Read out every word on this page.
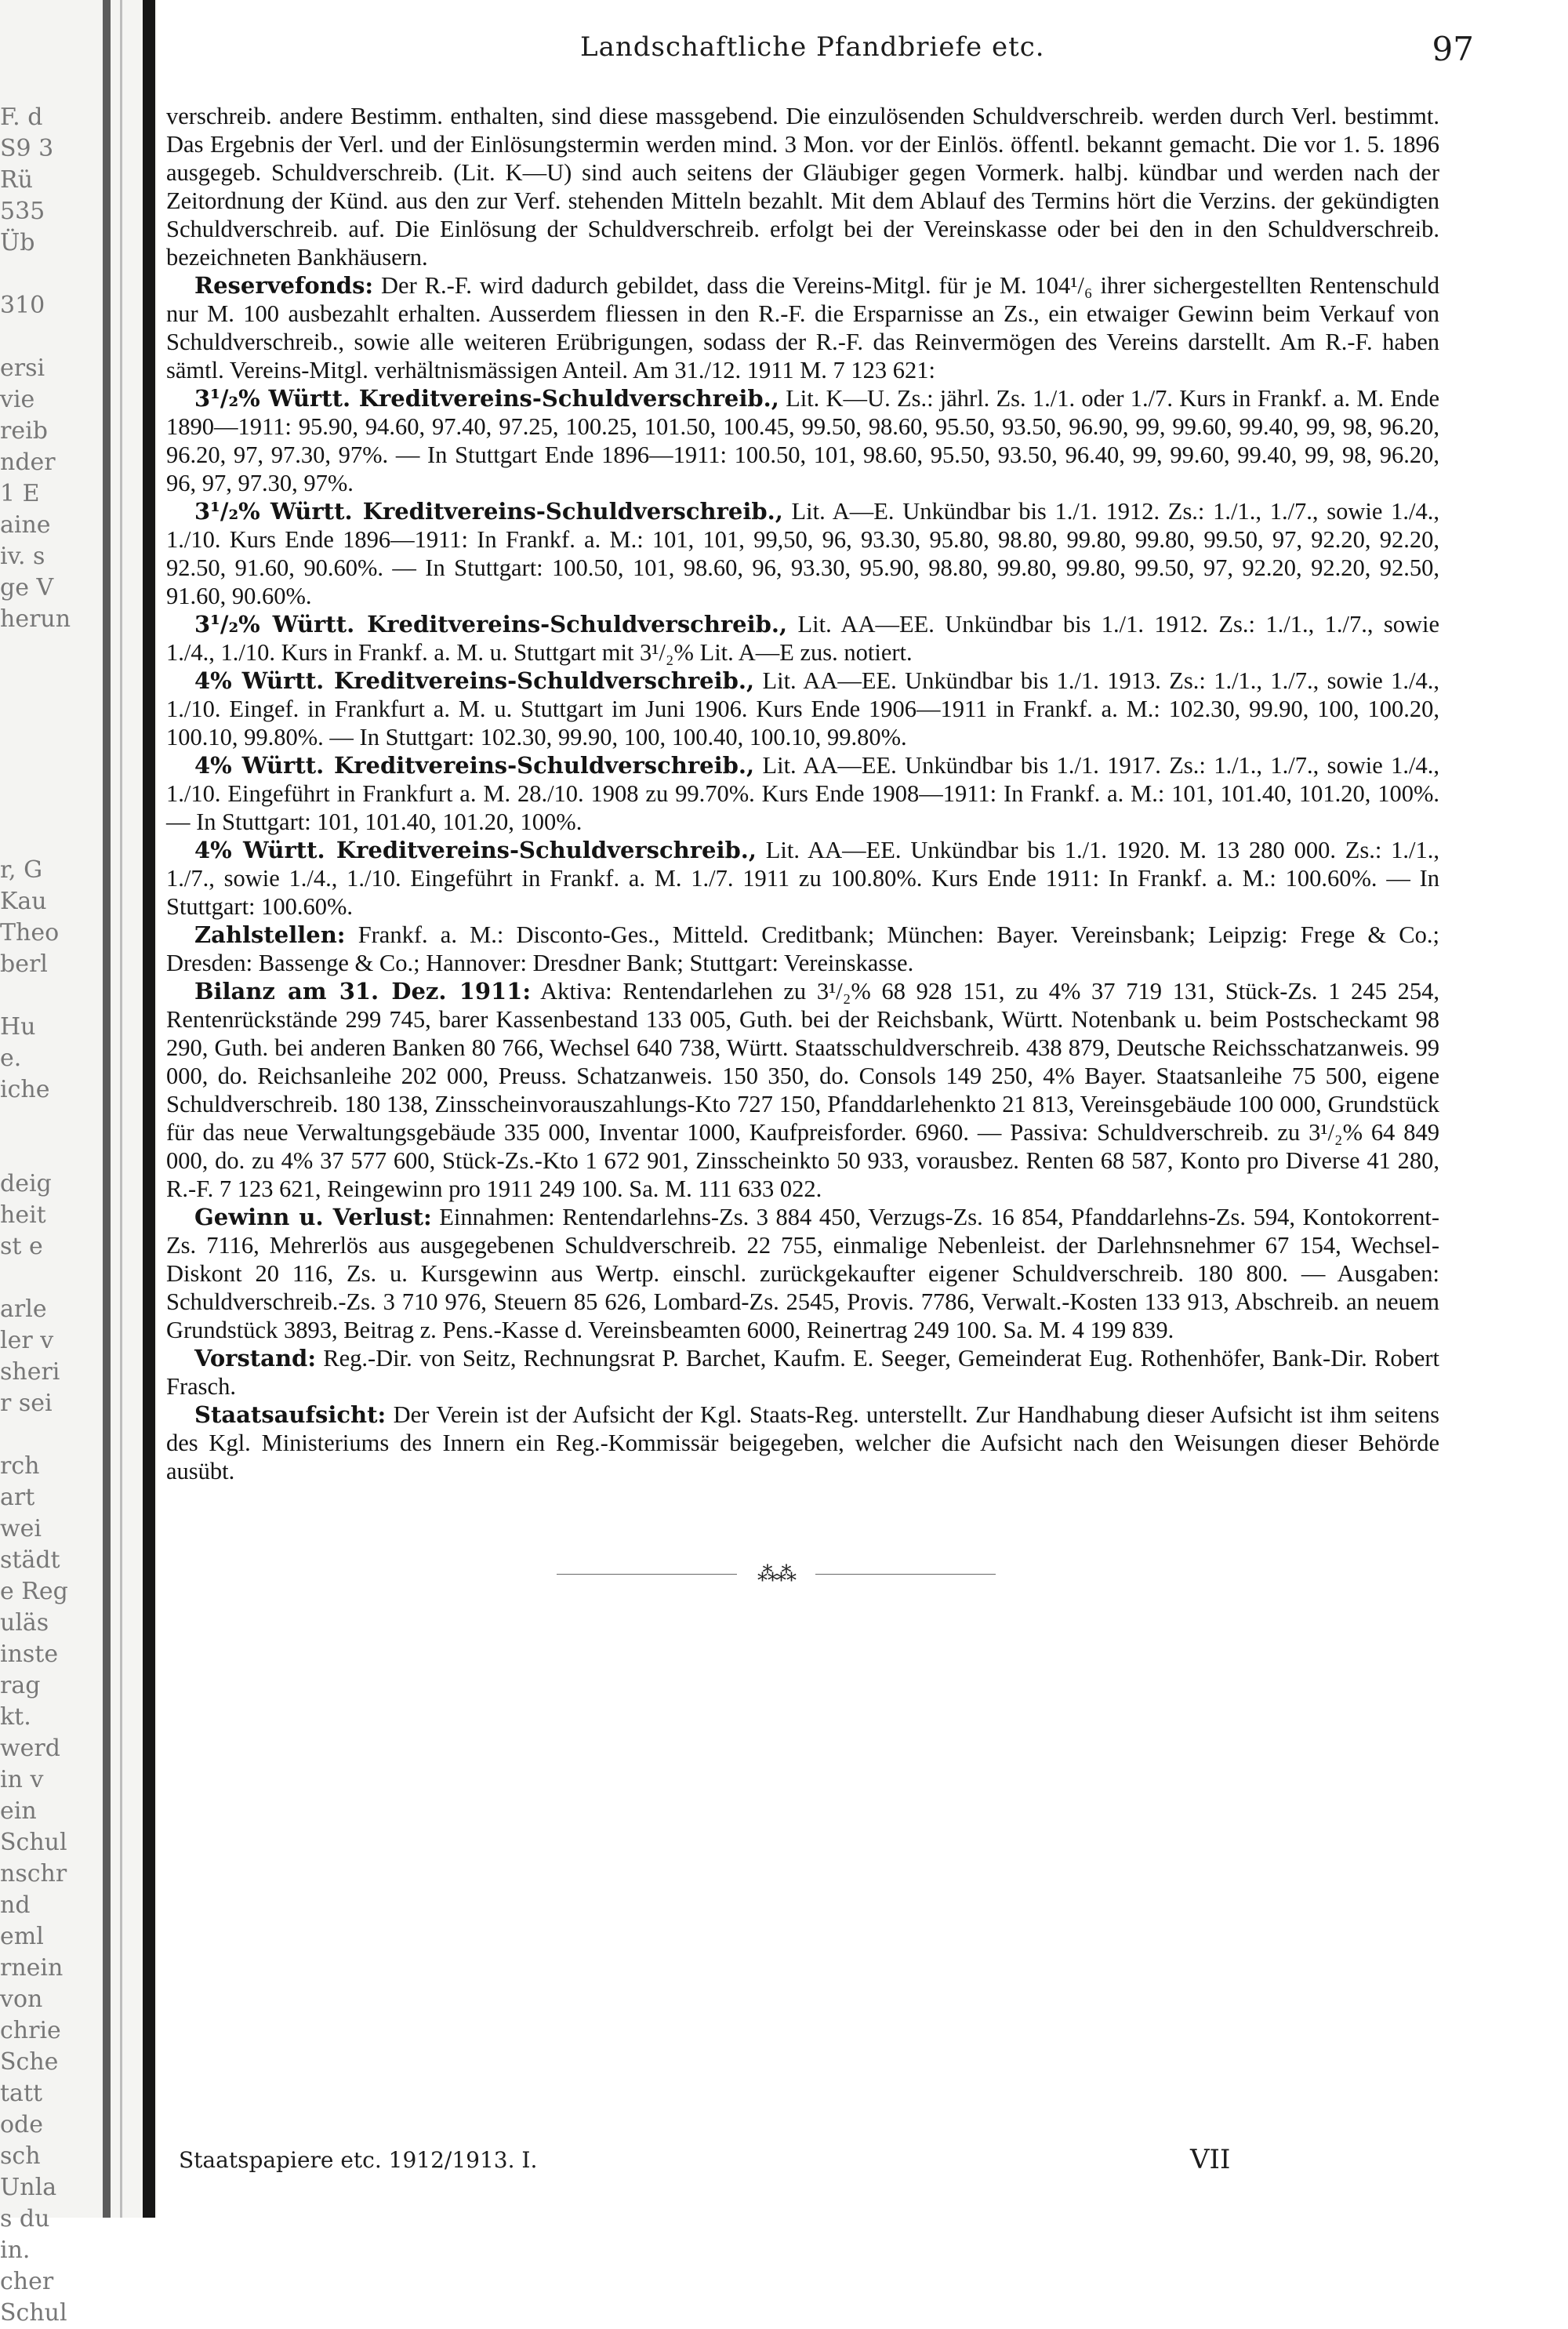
F. d
S9 3
Rü
535
Üb
310
ersi
vie
reib
nder
1 E
aine
iv. s
ge V
herun
r, G
Kau
Theo
berl
Hu
e.
iche
deig
heit
st e
arle
ler v
sheri
r sei
rch
art
wei
städt
e Reg
uläs
inste
rag
kt.
werd
in v
ein
Schul
nschr
nd
eml
rnein
von
chrie
Sche
tatt
ode
sch
Unla
s du
in.
cher
Schul
Landschaftliche Pfandbriefe etc.	97

verschreib. andere Bestimm. enthalten, sind diese massgebend. Die einzulösenden Schuldverschreib. werden durch Verl. bestimmt. Das Ergebnis der Verl. und der Einlösungstermin werden mind. 3 Mon. vor der Einlös. öffentl. bekannt gemacht. Die vor 1. 5. 1896 ausgegeb. Schuldverschreib. (Lit. K—U) sind auch seitens der Gläubiger gegen Vormerk. halbj. kündbar und werden nach der Zeitordnung der Künd. aus den zur Verf. stehenden Mitteln bezahlt. Mit dem Ablauf des Termins hört die Verzins. der gekündigten Schuldverschreib. auf. Die Einlösung der Schuldverschreib. erfolgt bei der Vereinskasse oder bei den in den Schuldverschreib. bezeichneten Bankhäusern.

Reservefonds: Der R.-F. wird dadurch gebildet, dass die Vereins-Mitgl. für je M. 104¹/₆ ihrer sichergestellten Rentenschuld nur M. 100 ausbezahlt erhalten. Ausserdem fliessen in den R.-F. die Ersparnisse an Zs., ein etwaiger Gewinn beim Verkauf von Schuldverschreib., sowie alle weiteren Erübrigungen, sodass der R.-F. das Reinvermögen des Vereins darstellt. Am R.-F. haben sämtl. Vereins-Mitgl. verhältnismässigen Anteil. Am 31./12. 1911 M. 7 123 621:

3¹/₂% Württ. Kreditvereins-Schuldverschreib., Lit. K—U. Zs.: jährl. Zs. 1./1. oder 1./7. Kurs in Frankf. a. M. Ende 1890—1911: 95.90, 94.60, 97.40, 97.25, 100.25, 101.50, 100.45, 99.50, 98.60, 95.50, 93.50, 96.90, 99, 99.60, 99.40, 99, 98, 96.20, 96.20, 97, 97.30, 97%. — In Stuttgart Ende 1896—1911: 100.50, 101, 98.60, 95.50, 93.50, 96.40, 99, 99.60, 99.40, 99, 98, 96.20, 96, 97, 97.30, 97%.

3¹/₂% Württ. Kreditvereins-Schuldverschreib., Lit. A—E. Unkündbar bis 1./1. 1912. Zs.: 1./1., 1./7., sowie 1./4., 1./10. Kurs Ende 1896—1911: In Frankf. a. M.: 101, 101, 99,50, 96, 93.30, 95.80, 98.80, 99.80, 99.80, 99.50, 97, 92.20, 92.20, 92.50, 91.60, 90.60%. — In Stuttgart: 100.50, 101, 98.60, 96, 93.30, 95.90, 98.80, 99.80, 99.80, 99.50, 97, 92.20, 92.20, 92.50, 91.60, 90.60%.

3¹/₂% Württ. Kreditvereins-Schuldverschreib., Lit. AA—EE. Unkündbar bis 1./1. 1912. Zs.: 1./1., 1./7., sowie 1./4., 1./10. Kurs in Frankf. a. M. u. Stuttgart mit 3¹/₂% Lit. A—E zus. notiert.

4% Württ. Kreditvereins-Schuldverschreib., Lit. AA—EE. Unkündbar bis 1./1. 1913. Zs.: 1./1., 1./7., sowie 1./4., 1./10. Eingef. in Frankfurt a. M. u. Stuttgart im Juni 1906. Kurs Ende 1906—1911 in Frankf. a. M.: 102.30, 99.90, 100, 100.20, 100.10, 99.80%. — In Stuttgart: 102.30, 99.90, 100, 100.40, 100.10, 99.80%.

4% Württ. Kreditvereins-Schuldverschreib., Lit. AA—EE. Unkündbar bis 1./1. 1917. Zs.: 1./1., 1./7., sowie 1./4., 1./10. Eingeführt in Frankfurt a. M. 28./10. 1908 zu 99.70%. Kurs Ende 1908—1911: In Frankf. a. M.: 101, 101.40, 101.20, 100%. — In Stuttgart: 101, 101.40, 101.20, 100%.

4% Württ. Kreditvereins-Schuldverschreib., Lit. AA—EE. Unkündbar bis 1./1. 1920. M. 13 280 000. Zs.: 1./1., 1./7., sowie 1./4., 1./10. Eingeführt in Frankf. a. M. 1./7. 1911 zu 100.80%. Kurs Ende 1911: In Frankf. a. M.: 100.60%. — In Stuttgart: 100.60%.

Zahlstellen: Frankf. a. M.: Disconto-Ges., Mitteld. Creditbank; München: Bayer. Vereinsbank; Leipzig: Frege & Co.; Dresden: Bassenge & Co.; Hannover: Dresdner Bank; Stuttgart: Vereinskasse.

Bilanz am 31. Dez. 1911: Aktiva: Rentendarlehen zu 3¹/₂% 68 928 151, zu 4% 37 719 131, Stück-Zs. 1 245 254, Rentenrückstände 299 745, barer Kassenbestand 133 005, Guth. bei der Reichsbank, Württ. Notenbank u. beim Postscheckamt 98 290, Guth. bei anderen Banken 80 766, Wechsel 640 738, Württ. Staatsschuldverschreib. 438 879, Deutsche Reichsschatzanweis. 99 000, do. Reichsanleihe 202 000, Preuss. Schatzanweis. 150 350, do. Consols 149 250, 4% Bayer. Staatsanleihe 75 500, eigene Schuldverschreib. 180 138, Zinsscheinvorauszahlungs-Kto 727 150, Pfanddarlehenkto 21 813, Vereinsgebäude 100 000, Grundstück für das neue Verwaltungsgebäude 335 000, Inventar 1000, Kaufpreisforder. 6960. — Passiva: Schuldverschreib. zu 3¹/₂% 64 849 000, do. zu 4% 37 577 600, Stück-Zs.-Kto 1 672 901, Zinsscheinkto 50 933, vorausbez. Renten 68 587, Konto pro Diverse 41 280, R.-F. 7 123 621, Reingewinn pro 1911 249 100. Sa. M. 111 633 022.

Gewinn u. Verlust: Einnahmen: Rentendarlehns-Zs. 3 884 450, Verzugs-Zs. 16 854, Pfanddarlehns-Zs. 594, Kontokorrent-Zs. 7116, Mehrerlös aus ausgegebenen Schuldverschreib. 22 755, einmalige Nebenleist. der Darlehnsnehmer 67 154, Wechsel-Diskont 20 116, Zs. u. Kursgewinn aus Wertp. einschl. zurückgekaufter eigener Schuldverschreib. 180 800. — Ausgaben: Schuldverschreib.-Zs. 3 710 976, Steuern 85 626, Lombard-Zs. 2545, Provis. 7786, Verwalt.-Kosten 133 913, Abschreib. an neuem Grundstück 3893, Beitrag z. Pens.-Kasse d. Vereinsbeamten 6000, Reinertrag 249 100. Sa. M. 4 199 839.

Vorstand: Reg.-Dir. von Seitz, Rechnungsrat P. Barchet, Kaufm. E. Seeger, Gemeinderat Eug. Rothenhöfer, Bank-Dir. Robert Frasch.

Staatsaufsicht: Der Verein ist der Aufsicht der Kgl. Staats-Reg. unterstellt. Zur Handhabung dieser Aufsicht ist ihm seitens des Kgl. Ministeriums des Innern ein Reg.-Kommissär beigegeben, welcher die Aufsicht nach den Weisungen dieser Behörde ausübt.

⁂⁂
Staatspapiere etc. 1912/1913. I.	VII
